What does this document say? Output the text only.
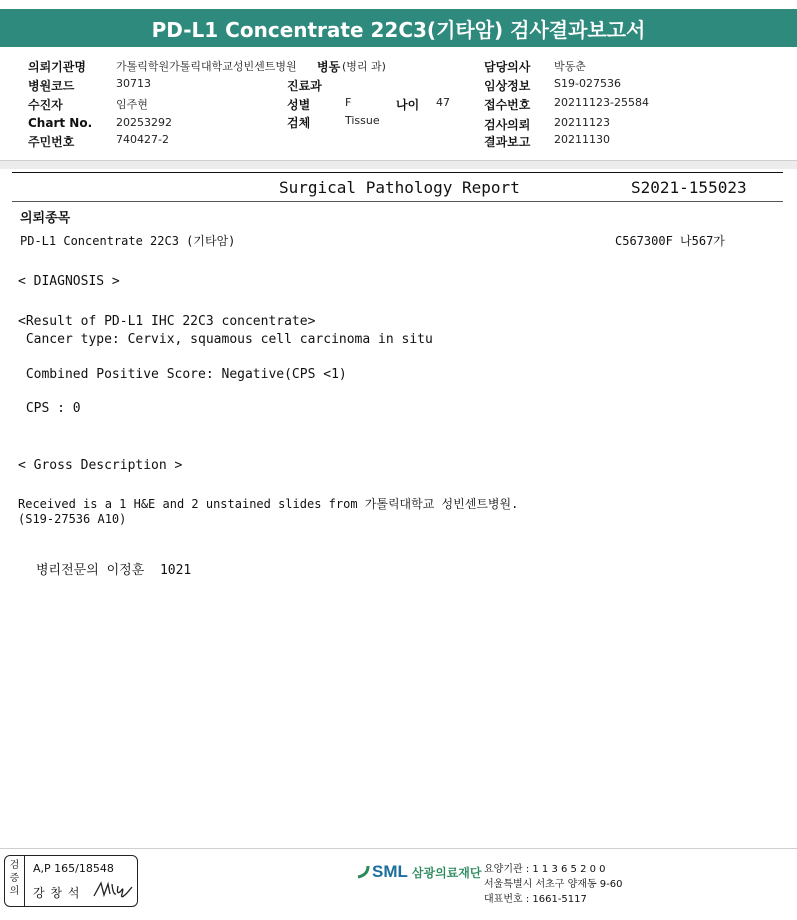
PD-L1 Concentrate 22C3(기타암) 검사결과보고서
의뢰기관명	가톨릭학원가톨릭대학교성빈센트병원 병동 (병리 과)	담당의사 박동춘
병원코드	30713	진료과	임상정보 S19-027536
수진자	임주현	성별	F	나이 47	접수번호 20211123-25584
Chart No. 20253292	검체	Tissue	검사의뢰 20211123
주민번호	740427-2	결과보고 20211130
Surgical Pathology Report	S2021-155023
의뢰종목
PD-L1 Concentrate 22C3 (기타암)	C567300F 나567가
< DIAGNOSIS >
<Result of PD-L1 IHC 22C3 concentrate>
Cancer type: Cervix, squamous cell carcinoma in situ
Combined Positive Score: Negative(CPS <1)
CPS : 0
< Gross Description >
Received is a 1 H&E and 2 unstained slides from 가톨릭대학교 성빈센트병원.
(S19-27536 A10)
병리전문의 이정훈  1021
검
증
의
A,P 165/18548
강 창 석
SML 삼광의료재단 요양기관 : 1 1 3 6 5 2 0 0
서울특별시 서초구 양재동 9-60
대표번호 : 1661-5117
